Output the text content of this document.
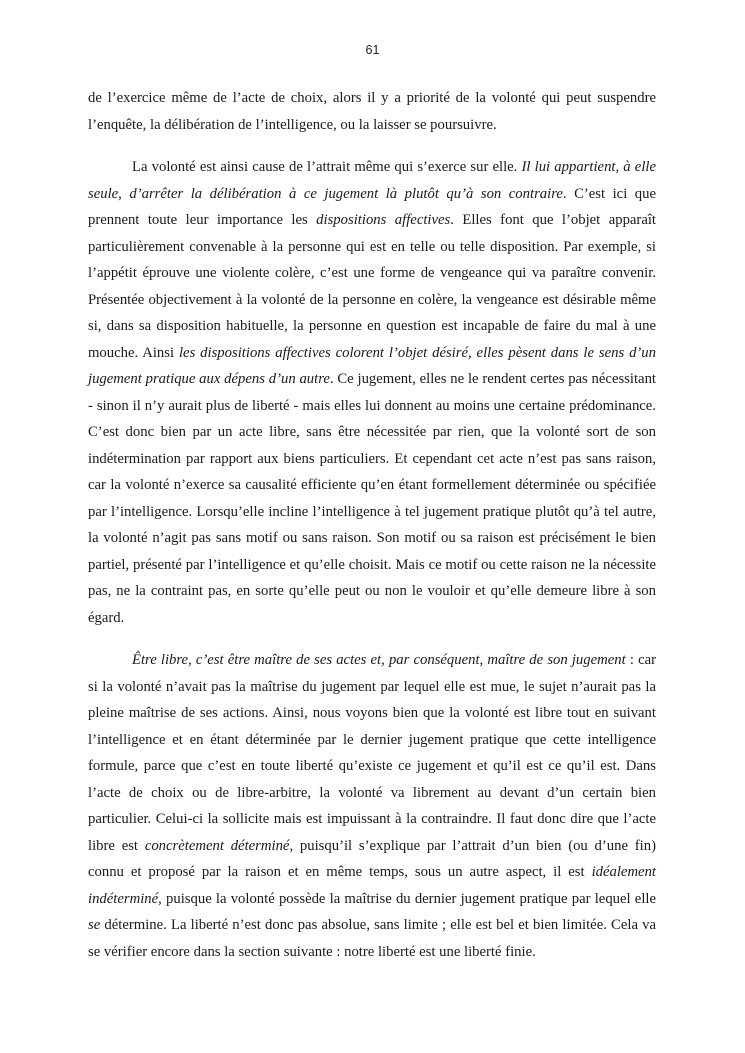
61

de l’exercice même de l’acte de choix, alors il y a priorité de la volonté qui peut suspendre l’enquête, la délibération de l’intelligence, ou la laisser se poursuivre.

La volonté est ainsi cause de l’attrait même qui s’exerce sur elle. Il lui appartient, à elle seule, d’arrêter la délibération à ce jugement là plutôt qu’à son contraire. C’est ici que prennent toute leur importance les dispositions affectives. Elles font que l’objet apparaît particulièrement convenable à la personne qui est en telle ou telle disposition. Par exemple, si l’appétit éprouve une violente colère, c’est une forme de vengeance qui va paraître convenir. Présentée objectivement à la volonté de la personne en colère, la vengeance est désirable même si, dans sa disposition habituelle, la personne en question est incapable de faire du mal à une mouche. Ainsi les dispositions affectives colorent l’objet désiré, elles pèsent dans le sens d’un jugement pratique aux dépens d’un autre. Ce jugement, elles ne le rendent certes pas nécessitant - sinon il n’y aurait plus de liberté - mais elles lui donnent au moins une certaine prédominance. C’est donc bien par un acte libre, sans être nécessitée par rien, que la volonté sort de son indétermination par rapport aux biens particuliers. Et cependant cet acte n’est pas sans raison, car la volonté n’exerce sa causalité efficiente qu’en étant formellement déterminée ou spécifiée par l’intelligence. Lorsqu’elle incline l’intelligence à tel jugement pratique plutôt qu’à tel autre, la volonté n’agit pas sans motif ou sans raison. Son motif ou sa raison est précisément le bien partiel, présenté par l’intelligence et qu’elle choisit. Mais ce motif ou cette raison ne la nécessite pas, ne la contraint pas, en sorte qu’elle peut ou non le vouloir et qu’elle demeure libre à son égard.

Être libre, c’est être maître de ses actes et, par conséquent, maître de son jugement : car si la volonté n’avait pas la maîtrise du jugement par lequel elle est mue, le sujet n’aurait pas la pleine maîtrise de ses actions. Ainsi, nous voyons bien que la volonté est libre tout en suivant l’intelligence et en étant déterminée par le dernier jugement pratique que cette intelligence formule, parce que c’est en toute liberté qu’existe ce jugement et qu’il est ce qu’il est. Dans l’acte de choix ou de libre-arbitre, la volonté va librement au devant d’un certain bien particulier. Celui-ci la sollicite mais est impuissant à la contraindre. Il faut donc dire que l’acte libre est concrètement déterminé, puisqu’il s’explique par l’attrait d’un bien (ou d’une fin) connu et proposé par la raison et en même temps, sous un autre aspect, il est idéalement indéterminé, puisque la volonté possède la maîtrise du dernier jugement pratique par lequel elle se détermine. La liberté n’est donc pas absolue, sans limite ; elle est bel et bien limitée. Cela va se vérifier encore dans la section suivante : notre liberté est une liberté finie.
